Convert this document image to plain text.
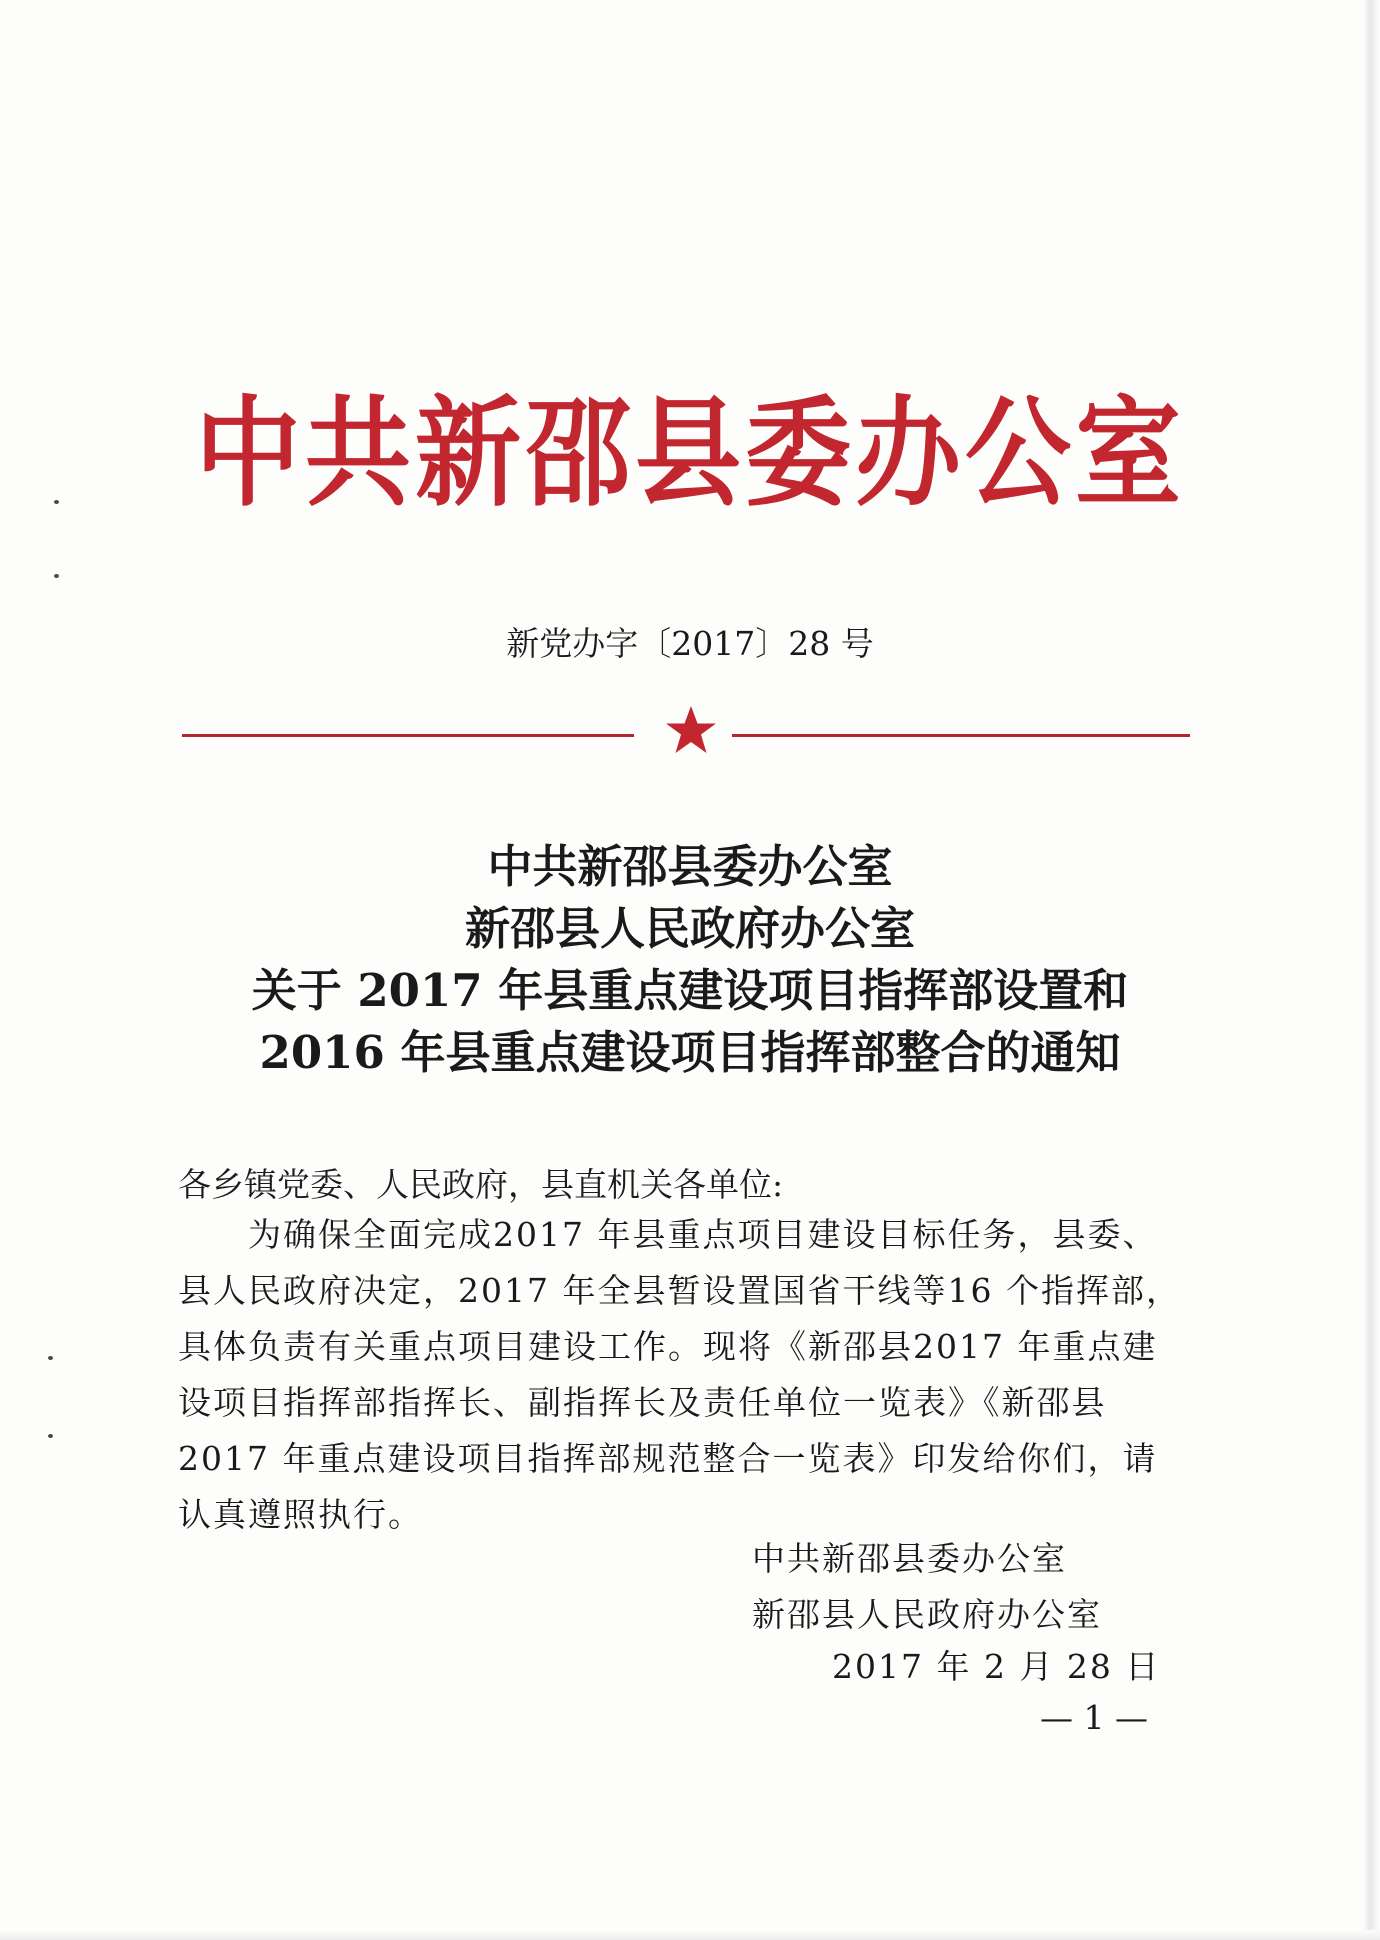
中共新邵县委办公室
新党办字〔2017〕28 号
中共新邵县委办公室
新邵县人民政府办公室
关于 2017 年县重点建设项目指挥部设置和
2016 年县重点建设项目指挥部整合的通知
各乡镇党委、人民政府，县直机关各单位:
　　为确保全面完成2017 年县重点项目建设目标任务，县委、
县人民政府决定，2017 年全县暂设置国省干线等16 个指挥部，
具体负责有关重点项目建设工作。现将《新邵县2017 年重点建
设项目指挥部指挥长、副指挥长及责任单位一览表》《新邵县
2017 年重点建设项目指挥部规范整合一览表》印发给你们，请
认真遵照执行。
中共新邵县委办公室
新邵县人民政府办公室
2017 年 2 月 28 日
— 1 —
